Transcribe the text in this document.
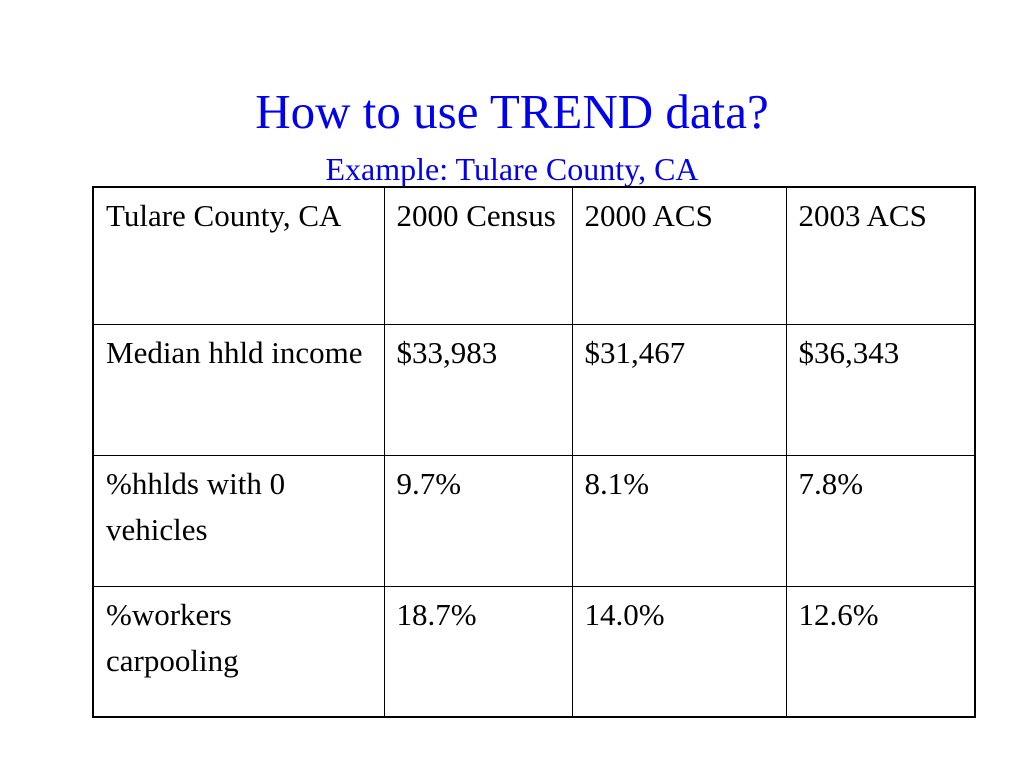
How to use TREND data?
Example: Tulare County, CA
Tulare County, CA	2000 Census	2000 ACS	2003 ACS
Median hhld income	$33,983	$31,467	$36,343
%hhlds with 0 vehicles	9.7%	8.1%	7.8%
%workers carpooling	18.7%	14.0%	12.6%
